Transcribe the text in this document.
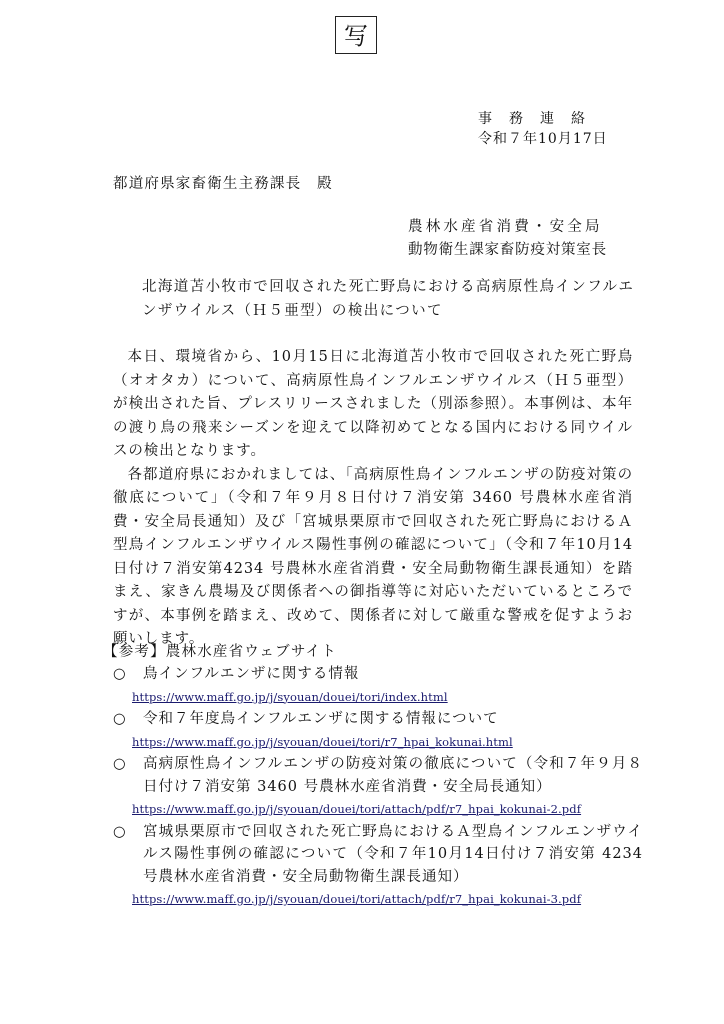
写
事務連絡
令和７年10月17日
都道府県家畜衛生主務課長　殿
農林水産省消費・安全局
動物衛生課家畜防疫対策室長
北海道苫小牧市で回収された死亡野鳥における高病原性鳥インフルエンザウイルス（Ｈ５亜型）の検出について

本日、環境省から、10月15日に北海道苫小牧市で回収された死亡野鳥（オオタカ）について、高病原性鳥インフルエンザウイルス（Ｈ５亜型）が検出された旨、プレスリリースされました（別添参照）。本事例は、本年の渡り鳥の飛来シーズンを迎えて以降初めてとなる国内における同ウイルスの検出となります。

各都道府県におかれましては、「高病原性鳥インフルエンザの防疫対策の徹底について」（令和７年９月８日付け７消安第 3460 号農林水産省消費・安全局長通知）及び「宮城県栗原市で回収された死亡野鳥におけるＡ型鳥インフルエンザウイルス陽性事例の確認について」（令和７年10月14日付け７消安第4234 号農林水産省消費・安全局動物衛生課長通知）を踏まえ、家きん農場及び関係者への御指導等に対応いただいているところですが、本事例を踏まえ、改めて、関係者に対して厳重な警戒を促すようお願いします。

【参考】農林水産省ウェブサイト
○ 鳥インフルエンザに関する情報
https://www.maff.go.jp/j/syouan/douei/tori/index.html
○ 令和７年度鳥インフルエンザに関する情報について
https://www.maff.go.jp/j/syouan/douei/tori/r7_hpai_kokunai.html
○ 高病原性鳥インフルエンザの防疫対策の徹底について（令和７年９月８日付け７消安第 3460 号農林水産省消費・安全局長通知）
https://www.maff.go.jp/j/syouan/douei/tori/attach/pdf/r7_hpai_kokunai-2.pdf
○ 宮城県栗原市で回収された死亡野鳥におけるＡ型鳥インフルエンザウイルス陽性事例の確認について（令和７年10月14日付け７消安第 4234 号農林水産省消費・安全局動物衛生課長通知）
https://www.maff.go.jp/j/syouan/douei/tori/attach/pdf/r7_hpai_kokunai-3.pdf
